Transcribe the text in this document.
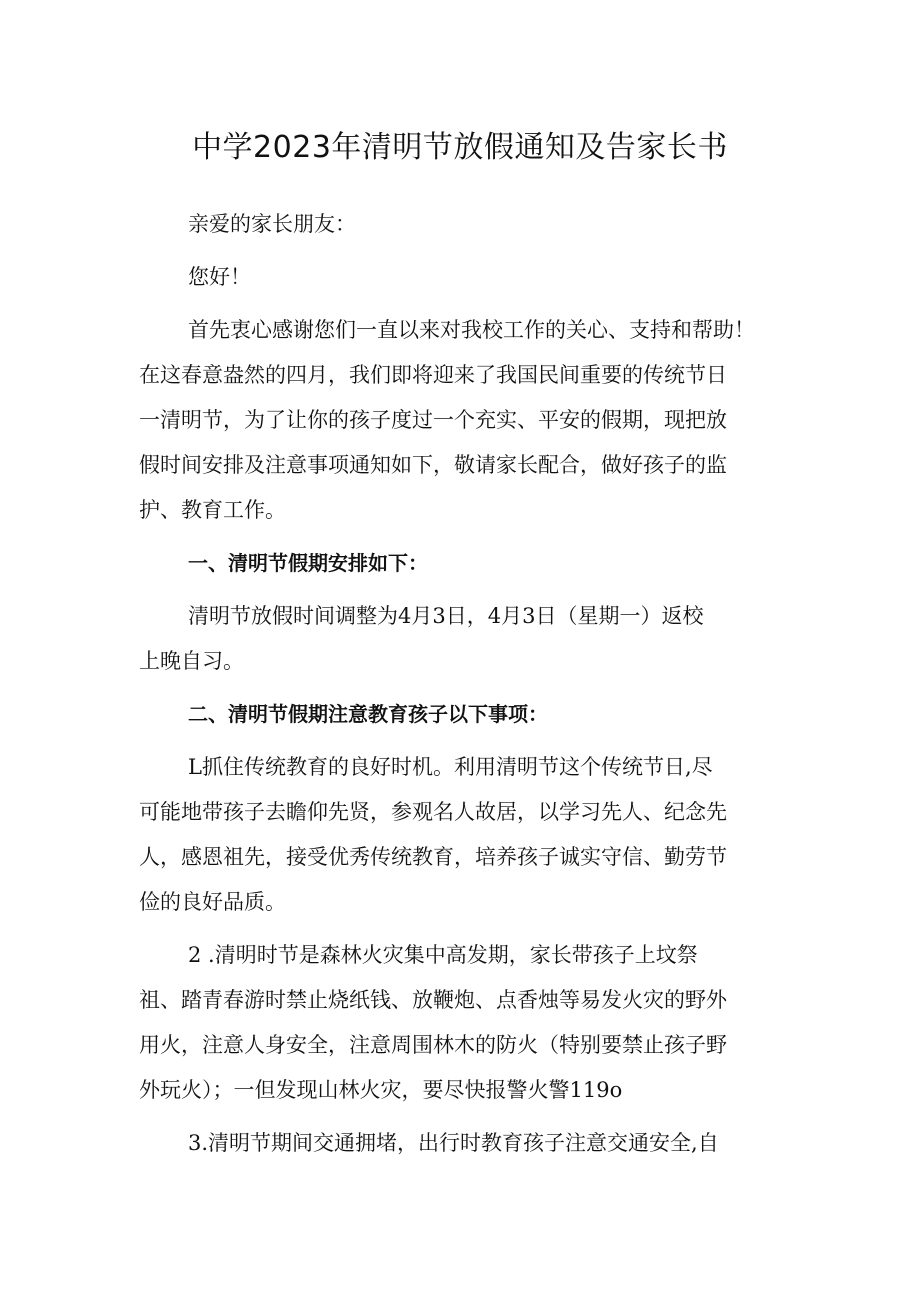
中学2023年清明节放假通知及告家长书

亲爱的家长朋友：

您好！

首先衷心感谢您们一直以来对我校工作的关心、支持和帮助！
在这春意盎然的四月，我们即将迎来了我国民间重要的传统节日
一清明节，为了让你的孩子度过一个充实、平安的假期，现把放
假时间安排及注意事项通知如下，敬请家长配合，做好孩子的监
护、教育工作。

一、清明节假期安排如下：

清明节放假时间调整为4月3日，4月3日（星期一）返校
上晚自习。

二、清明节假期注意教育孩子以下事项：

L抓住传统教育的良好时机。利用清明节这个传统节日,尽
可能地带孩子去瞻仰先贤，参观名人故居，以学习先人、纪念先
人，感恩祖先，接受优秀传统教育，培养孩子诚实守信、勤劳节
俭的良好品质。

2 .清明时节是森林火灾集中高发期，家长带孩子上坟祭
祖、踏青春游时禁止烧纸钱、放鞭炮、点香烛等易发火灾的野外
用火，注意人身安全，注意周围林木的防火（特别要禁止孩子野
外玩火）；一但发现山林火灾，要尽快报警火警119o

3.清明节期间交通拥堵，出行时教育孩子注意交通安全,自
